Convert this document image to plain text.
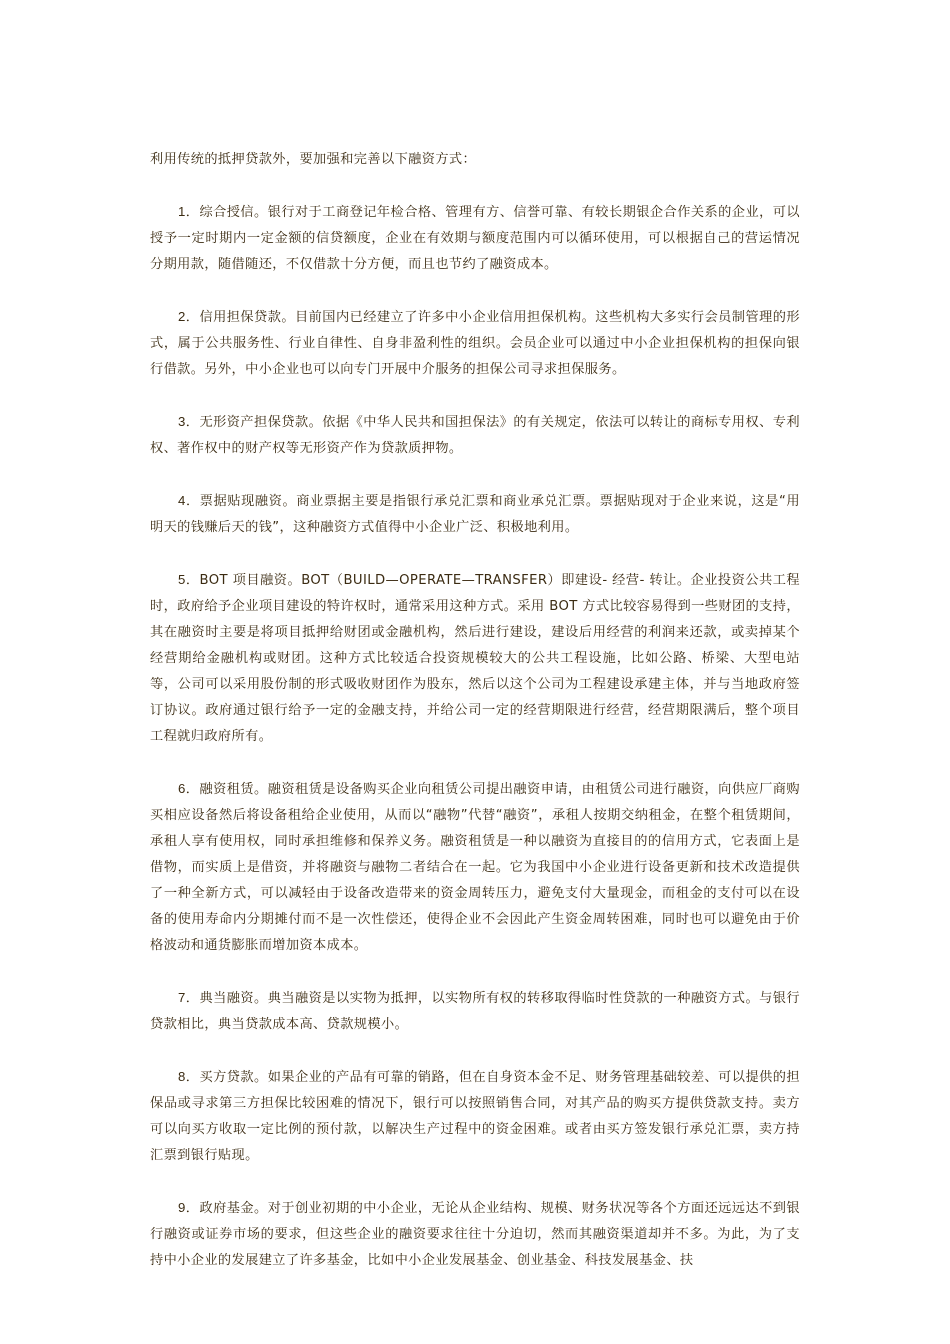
利用传统的抵押贷款外，要加强和完善以下融资方式：

1．综合授信。银行对于工商登记年检合格、管理有方、信誉可靠、有较长期银企合作关系的企业，可以授予一定时期内一定金额的信贷额度，企业在有效期与额度范围内可以循环使用，可以根据自己的营运情况分期用款，随借随还，不仅借款十分方便，而且也节约了融资成本。

2．信用担保贷款。目前国内已经建立了许多中小企业信用担保机构。这些机构大多实行会员制管理的形式，属于公共服务性、行业自律性、自身非盈利性的组织。会员企业可以通过中小企业担保机构的担保向银行借款。另外，中小企业也可以向专门开展中介服务的担保公司寻求担保服务。

3．无形资产担保贷款。依据《中华人民共和国担保法》的有关规定，依法可以转让的商标专用权、专利权、著作权中的财产权等无形资产作为贷款质押物。

4．票据贴现融资。商业票据主要是指银行承兑汇票和商业承兑汇票。票据贴现对于企业来说，这是“用明天的钱赚后天的钱”，这种融资方式值得中小企业广泛、积极地利用。

5．BOT 项目融资。BOT（BUILD—OPERATE—TRANSFER）即建设- 经营- 转让。企业投资公共工程时，政府给予企业项目建设的特许权时，通常采用这种方式。采用 BOT 方式比较容易得到一些财团的支持，其在融资时主要是将项目抵押给财团或金融机构，然后进行建设，建设后用经营的利润来还款，或卖掉某个经营期给金融机构或财团。这种方式比较适合投资规模较大的公共工程设施，比如公路、桥梁、大型电站等，公司可以采用股份制的形式吸收财团作为股东，然后以这个公司为工程建设承建主体，并与当地政府签订协议。政府通过银行给予一定的金融支持，并给公司一定的经营期限进行经营，经营期限满后，整个项目工程就归政府所有。

6．融资租赁。融资租赁是设备购买企业向租赁公司提出融资申请，由租赁公司进行融资，向供应厂商购买相应设备然后将设备租给企业使用，从而以“融物”代替“融资”，承租人按期交纳租金，在整个租赁期间，承租人享有使用权，同时承担维修和保养义务。融资租赁是一种以融资为直接目的的信用方式，它表面上是借物，而实质上是借资，并将融资与融物二者结合在一起。它为我国中小企业进行设备更新和技术改造提供了一种全新方式，可以减轻由于设备改造带来的资金周转压力，避免支付大量现金，而租金的支付可以在设备的使用寿命内分期摊付而不是一次性偿还，使得企业不会因此产生资金周转困难，同时也可以避免由于价格波动和通货膨胀而增加资本成本。

7．典当融资。典当融资是以实物为抵押，以实物所有权的转移取得临时性贷款的一种融资方式。与银行贷款相比，典当贷款成本高、贷款规模小。

8．买方贷款。如果企业的产品有可靠的销路，但在自身资本金不足、财务管理基础较差、可以提供的担保品或寻求第三方担保比较困难的情况下，银行可以按照销售合同，对其产品的购买方提供贷款支持。卖方可以向买方收取一定比例的预付款，以解决生产过程中的资金困难。或者由买方签发银行承兑汇票，卖方持汇票到银行贴现。

9．政府基金。对于创业初期的中小企业，无论从企业结构、规模、财务状况等各个方面还远远达不到银行融资或证券市场的要求，但这些企业的融资要求往往十分迫切，然而其融资渠道却并不多。为此，为了支持中小企业的发展建立了许多基金，比如中小企业发展基金、创业基金、科技发展基金、扶
